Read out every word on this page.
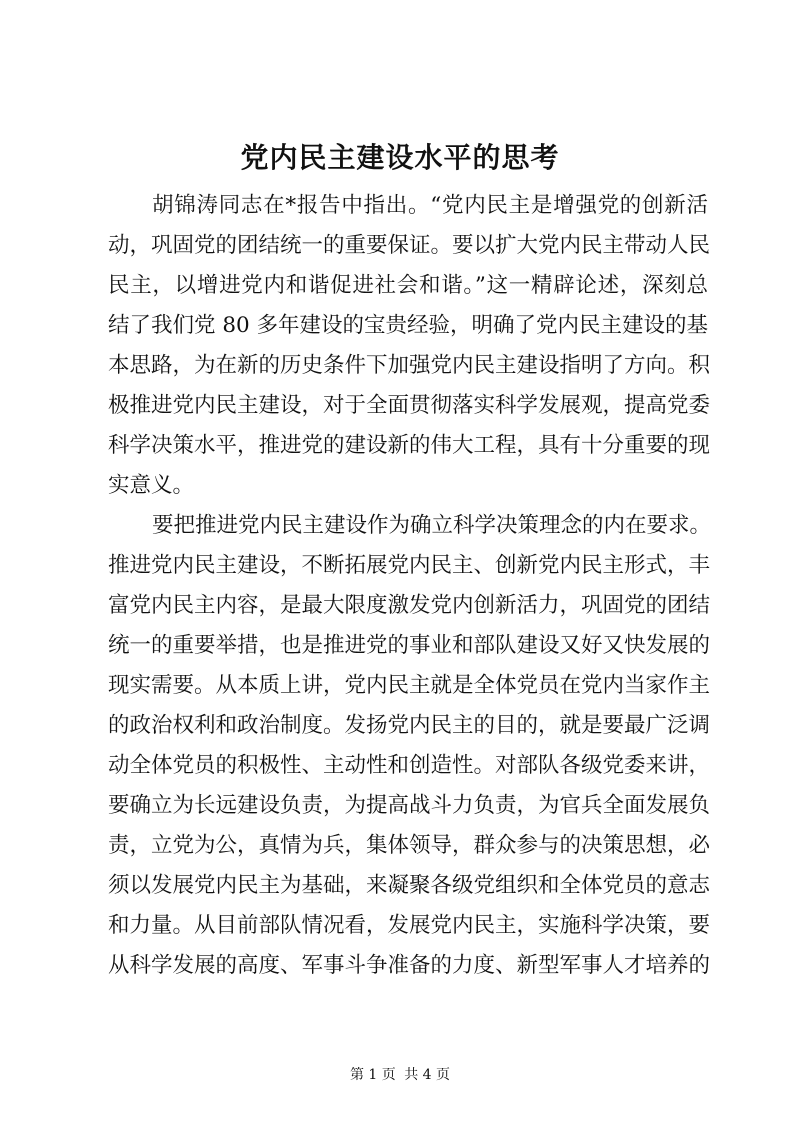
党内民主建设水平的思考

胡锦涛同志在*报告中指出。“党内民主是增强党的创新活

动，巩固党的团结统一的重要保证。要以扩大党内民主带动人民

民主，以增进党内和谐促进社会和谐。”这一精辟论述，深刻总

结了我们党 80 多年建设的宝贵经验，明确了党内民主建设的基

本思路，为在新的历史条件下加强党内民主建设指明了方向。积

极推进党内民主建设，对于全面贯彻落实科学发展观，提高党委

科学决策水平，推进党的建设新的伟大工程，具有十分重要的现

实意义。

要把推进党内民主建设作为确立科学决策理念的内在要求。

推进党内民主建设，不断拓展党内民主、创新党内民主形式，丰

富党内民主内容，是最大限度激发党内创新活力，巩固党的团结

统一的重要举措，也是推进党的事业和部队建设又好又快发展的

现实需要。从本质上讲，党内民主就是全体党员在党内当家作主

的政治权利和政治制度。发扬党内民主的目的，就是要最广泛调

动全体党员的积极性、主动性和创造性。对部队各级党委来讲，

要确立为长远建设负责，为提高战斗力负责，为官兵全面发展负

责，立党为公，真情为兵，集体领导，群众参与的决策思想，必

须以发展党内民主为基础，来凝聚各级党组织和全体党员的意志

和力量。从目前部队情况看，发展党内民主，实施科学决策，要

从科学发展的高度、军事斗争准备的力度、新型军事人才培养的

第 1 页 共 4 页
